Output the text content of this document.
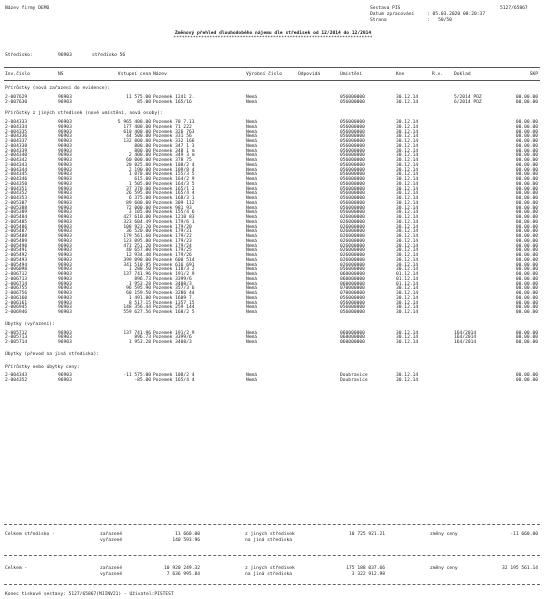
Název firmy DEMO	Sestava PIS	5127/65867
Datum zpracování	: 05.03.2020 08:20:37
Strana	:   50/50
Změnový přehled dlouhodobého nájemu dle středisek od 12/2014 do 12/2014
************************************************************************
Středisko:	96903	středisko 56
Inv.číslo	NS	Vstupní cena Název	Výrobní číslo	Odpovídá	Umístění	Kne	R.v.	Doklad	SKP
Přírůstky (nová zařazení do evidence):
2-007629	96903	11 575.00 Pozemek 1241 2.	Nemá	056000000	30.12.14	5/2014 POZ	00.00.00
2-007630	96903	85.00 Pozemek 165/16	Nemá	056000000	30.12.14	6/2014 POZ	00.00.00
Přírůstky z jiných středisek (nové umístění, nová osoby):
2-004333	96903	5 965 400.00 Pozemek 70 7.13	Nemá	056000000	30.12.14	00.00.00
2-004334	96903	177 400.00 Pozemek 71 222	Nemá	056000000	30.12.14	00.00.00
2-004335	96903	610 400.00 Pozemek 326 763	Nemá	056000000	30.12.14	00.00.00
2-004336	96903	44 500.00 Pozemek 331 56	Nemá	056000000	30.12.14	00.00.00
2-004337	96903	132 800.00 Pozemek 332 166	Nemá	056000000	30.12.14	00.00.00
2-004338	96903	800.00 Pozemek 347 1 3	Nemá	056000000	30.12.14	00.00.00
2-004339	96903	800.00 Pozemek 348 1 m	Nemá	056000000	30.12.14	00.00.00
2-004340	96903	2 400.00 Pozemek 349 3 m	Nemá	056000000	30.12.14	00.00.00
2-004342	96903	60 000.00 Pozemek 378 75	Nemá	056000000	30.12.14	00.00.00
2-004343	96903	20 025.00 Pozemek 108/2 4	Nemá	056000000	30.12.14	00.00.00
2-004344	96903	2 190.00 Pozemek 109/8 4	Nemá	056000000	30.12.14	00.00.00
2-004345	96903	1 070.00 Pozemek 155/3 5	Nemá	056000000	30.12.14	00.00.00
2-004346	96903	615.00 Pozemek 164/2 9	Nemá	056000000	30.12.14	00.00.00
2-004350	96903	1 505.00 Pozemek 164/3 5	Nemá	056000000	30.12.14	00.00.00
2-004351	96903	37 370.00 Pozemek 165/1 2	Nemá	056000000	30.12.14	00.00.00
2-004352	96903	26 595.00 Pozemek 165/4 4	Nemá	056000000	30.12.14	00.00.00
2-004353	96903	6 375.00 Pozemek 168/3 1	Nemá	056000000	30.12.14	00.00.00
2-005387	96903	89 600.00 Pozemek 309 112	Nemá	056000000	30.12.14	00.00.00
2-005388	96903	72 000.00 Pozemek 981 93	Nemá	056000000	30.12.14	00.00.00
2-005389	96903	3 105.00 Pozemek 155/4 6	Nemá	056000000	30.12.14	00.00.00
2-005484	96903	427 610.00 Pozemek 1210 83	Nemá	026000000	30.12.14	00.00.00
2-005485	96903	323 604.49 Pozemek 179/6 1	Nemá	026000000	30.12.14	00.00.00
2-005486	96903	108 923.20 Pozemek 179/20	Nemá	026000000	30.12.14	00.00.00
2-005487	96903	36 520.00 Pozemek 179/21	Nemá	026000000	30.12.14	00.00.00
2-005488	96903	179 561.60 Pozemek 179/22	Nemá	026000000	30.12.14	00.00.00
2-005489	96903	123 095.00 Pozemek 179/23	Nemá	026000000	30.12.14	00.00.00
2-005490	96903	473 251.20 Pozemek 179/24	Nemá	026000000	30.12.14	00.00.00
2-005491	96903	40 657.00 Pozemek 179/25	Nemá	026000000	30.12.14	00.00.00
2-005492	96903	12 934.40 Pozemek 179/26	Nemá	026000000	30.12.14	00.00.00
2-005493	96903	399 090.00 Pozemek 600 514	Nemá	026000000	30.12.14	00.00.00
2-005494	96903	341 510.95 Pozemek 616 691	Nemá	026000000	30.12.14	00.00.00
2-006098	96903	1 280.50 Pozemek 118/3 2	Nemá	056000000	30.12.14	00.00.00
2-006712	96903	137 741.96 Pozemek 191/2 9	Nemá	060000000	01.12.14	00.00.00
2-006713	96903	896.73 Pozemek 3399/6	Nemá	060000000	01.12.14	00.00.00
2-006714	96903	1 953.28 Pozemek 3408/3	Nemá	060000000	01.12.14	00.00.00
2-006755	96903	96 595.90 Pozemek 357/3 6	Nemá	070000000	30.12.14	00.00.00
2-006756	96903	60 159.50 Pozemek 3286 44	Nemá	070000000	30.12.14	00.00.00
2-006160	96903	1 491.00 Pozemek 1609 7.	Nemá	056000000	30.12.14	00.00.00
2-006161	96903	8 517.15 Pozemek 1357 15	Nemá	056000000	30.12.14	00.00.00
2-006945	96903	148 356.44 Pozemek 259 144	Nemá	056000000	30.12.14	00.00.00
2-006946	96903	559 627.56 Pozemek 168/2 5	Nemá	056000000	30.12.14	00.00.00
Úbytky (vyřazení):
2-005712	96903	137 741.96 Pozemek 191/2 9	Nemá	060000000	30.12.14	164/2014	00.00.00
2-005713	96903	896.73 Pozemek 3399/6	Nemá	060000000	30.12.14	164/2014	00.00.00
2-005714	96903	1 953.28 Pozemek 3408/3	Nemá	060000000	30.12.14	164/2014	00.00.00
Úbytky (převod na jiná střediska):
Přírůstky nebo úbytky ceny:
2-004343	96903	-11 575.00 Pozemek 108/2 4	Nemá	Doubravice	30.12.14	00.00.00
2-004352	96903	-85.00 Pozemek 165/4 4	Nemá	Doubravice	30.12.14	00.00.00
Celkem středisko -	zařazené	11 660.00
vyřazené	140 593.96
z jiných středisek	10 725 921.21
na jiná střediska
změny ceny	-11 660.00
Celkem -	zařazené	10 920 249.32
vyřazené	7 636 995.84
z jiných středisek	175 188 037.66
na jiná střediska	3 322 912.98
změny ceny	32 195 561.14
Konec tiskové sestavy: 5127/65867(MJINV21) - Uživatel:PISTEST
